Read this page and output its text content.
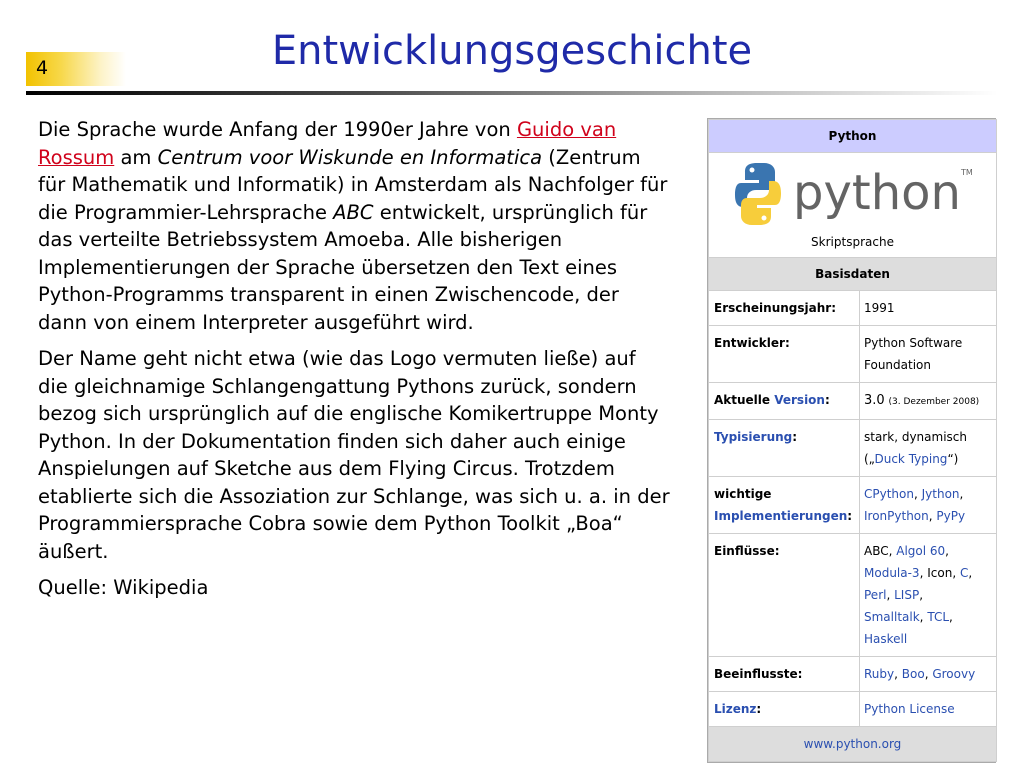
4	Entwicklungsgeschichte

Die Sprache wurde Anfang der 1990er Jahre von Guido van Rossum am Centrum voor Wiskunde en Informatica (Zentrum für Mathematik und Informatik) in Amsterdam als Nachfolger für die Programmier-Lehrsprache ABC entwickelt, ursprünglich für das verteilte Betriebssystem Amoeba. Alle bisherigen Implementierungen der Sprache übersetzen den Text eines Python-Programms transparent in einen Zwischencode, der dann von einem Interpreter ausgeführt wird.

Der Name geht nicht etwa (wie das Logo vermuten ließe) auf die gleichnamige Schlangengattung Pythons zurück, sondern bezog sich ursprünglich auf die englische Komikertruppe Monty Python. In der Dokumentation finden sich daher auch einige Anspielungen auf Sketche aus dem Flying Circus. Trotzdem etablierte sich die Assoziation zur Schlange, was sich u. a. in der Programmiersprache Cobra sowie dem Python Toolkit „Boa“ äußert.

Quelle: Wikipedia

Python	

python TM
Skriptsprache	

Basisdaten	
Erscheinungsjahr:	1991
Entwickler:	Python Software Foundation
Aktuelle Version:	3.0 (3. Dezember 2008)
Typisierung:	stark, dynamisch („Duck Typing“)
wichtige
Implementierungen:	CPython, Jython,
IronPython, PyPy
Einflüsse:	ABC, Algol 60,
Modula-3, Icon, C,
Perl, LISP,
Smalltalk, TCL,
Haskell
Beeinflusste:	Ruby, Boo, Groovy
Lizenz:	Python License
www.python.org	
